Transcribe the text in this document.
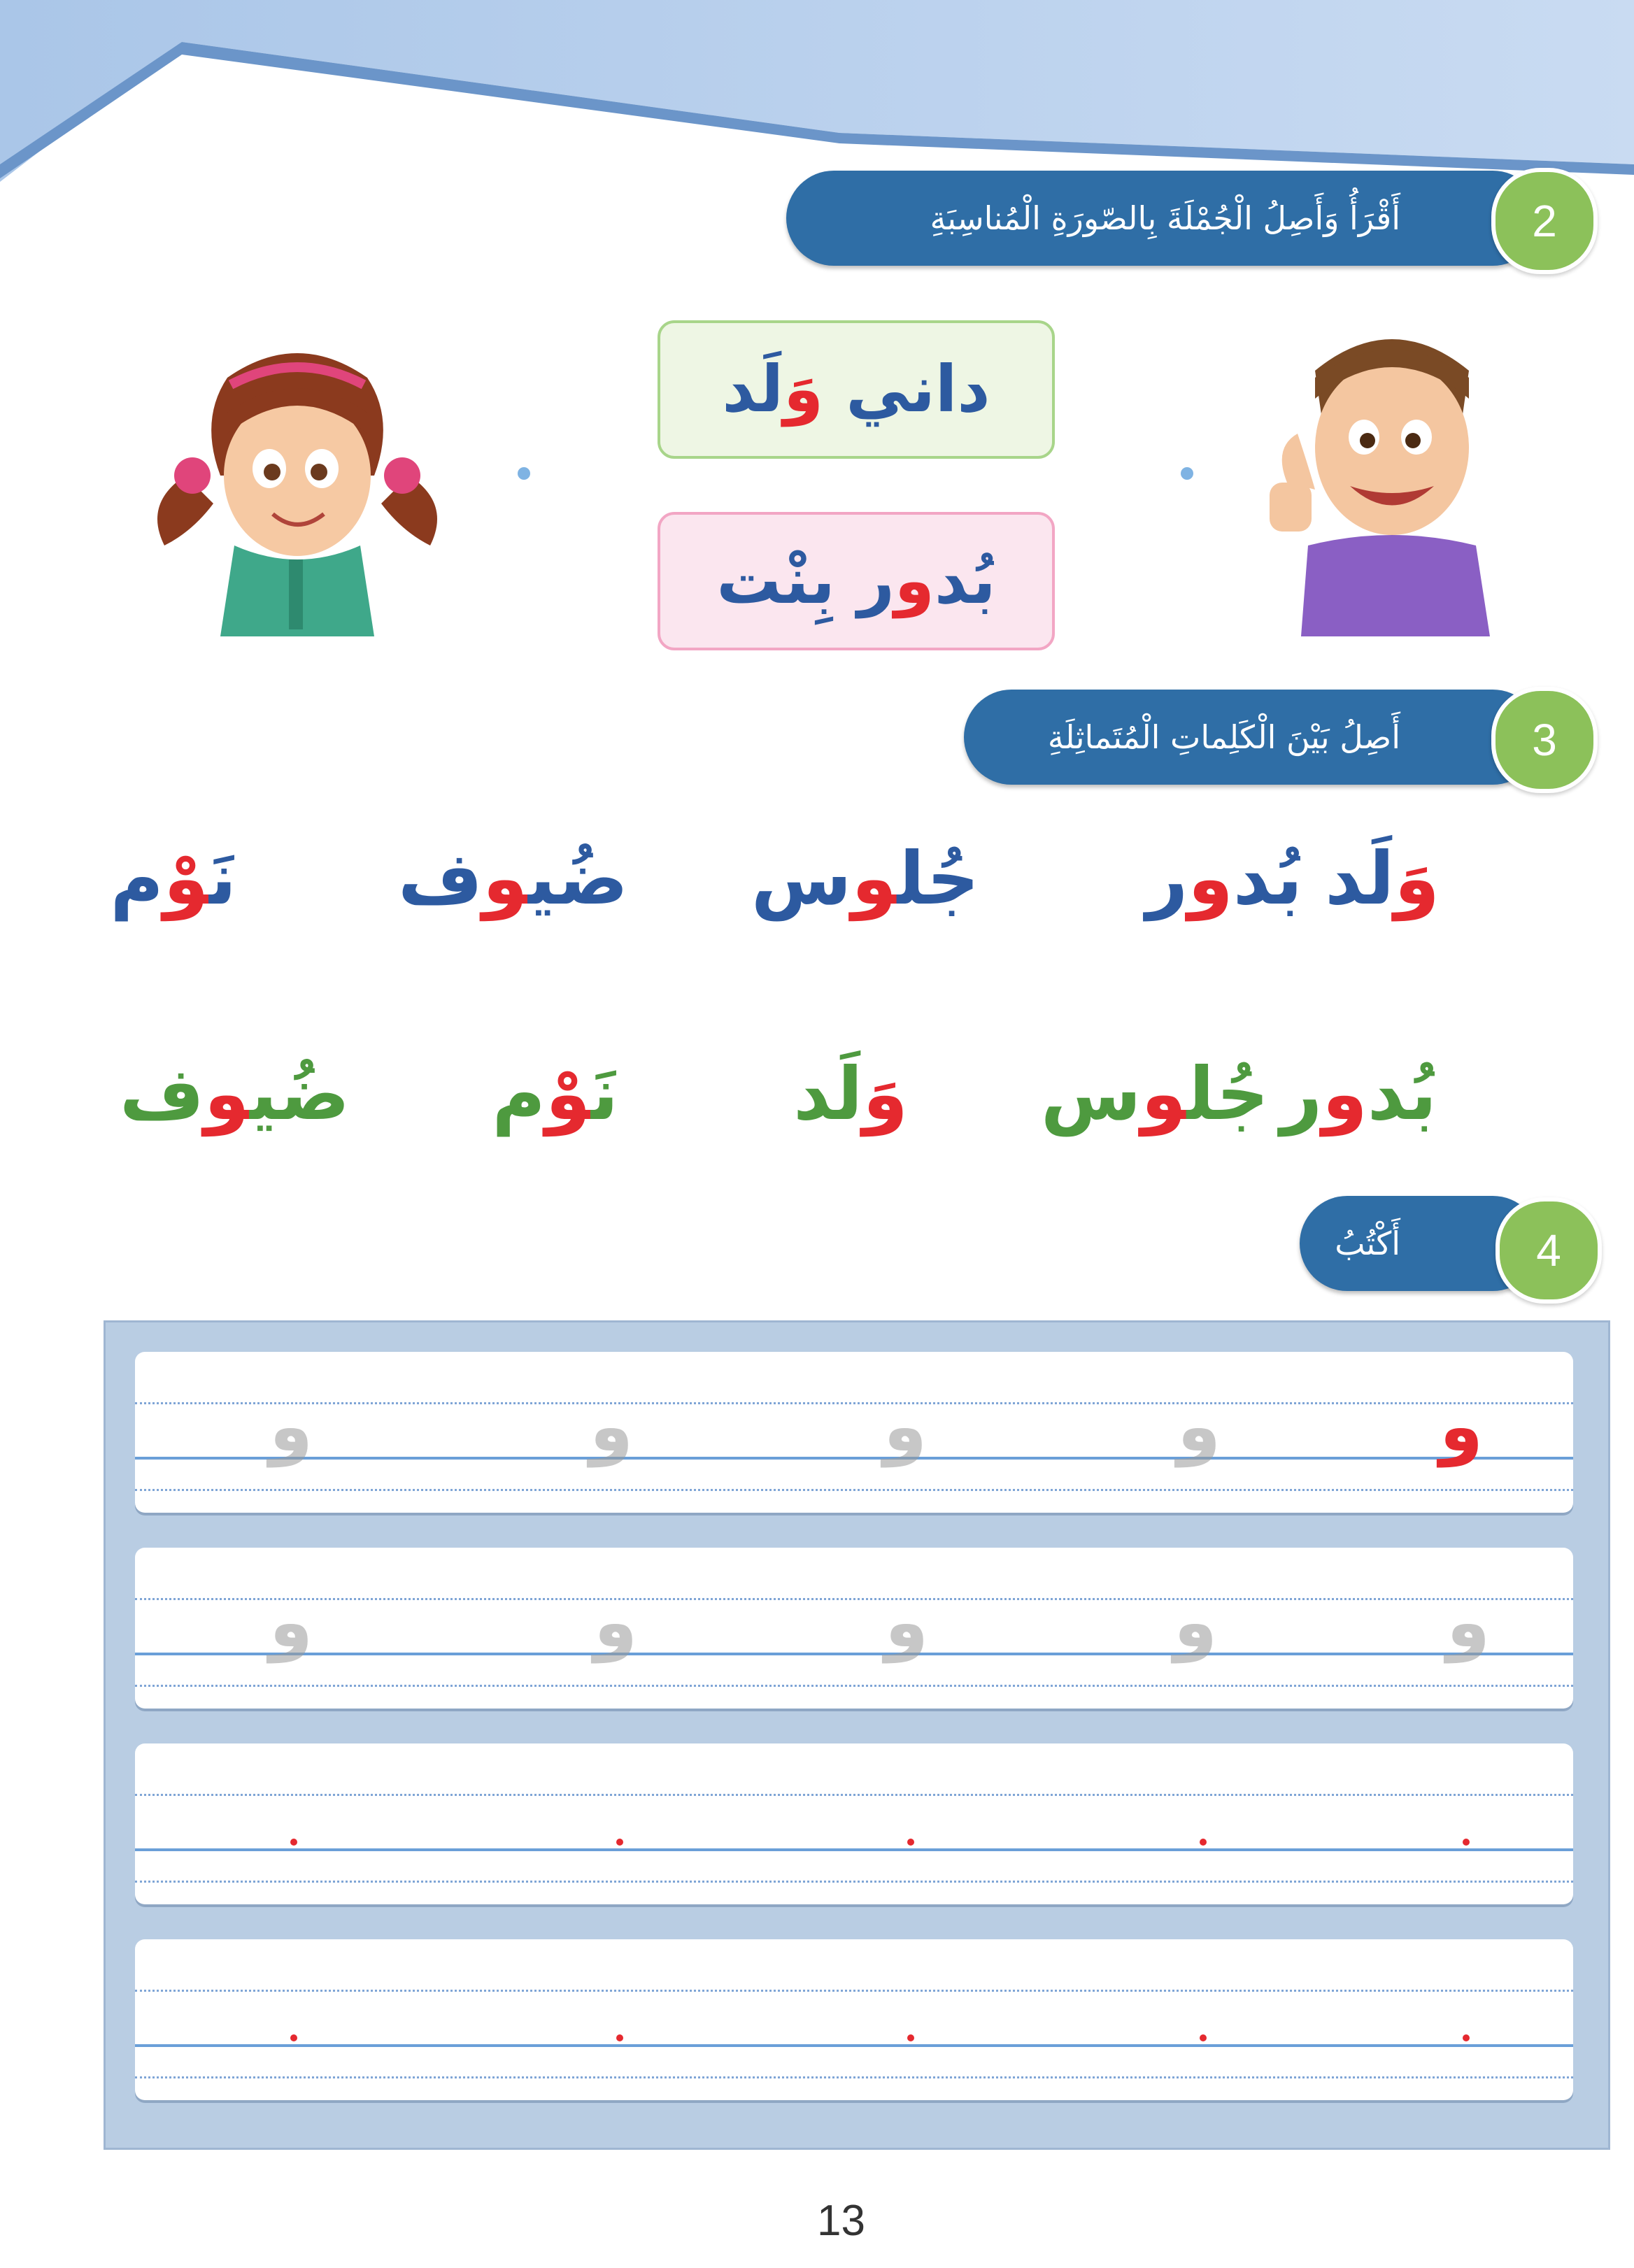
أَقْرَأُ وَأَصِلُ الْجُمْلَةَ بِالصّورَةِ الْمُناسِبَةِ	2
داني وَلَد
بُدور بِنْت
أَصِلُ بَيْنَ الْكَلِماتِ الْمُتَماثِلَةِ	3
وَلَد
بُدور
جُلوس
ضُيوف
نَوْم
بُدور
جُلوس
وَلَد
نَوْم
ضُيوف
أَكْتُبُ	4
و
و
و
و
و
و
و
و
و
و
13
